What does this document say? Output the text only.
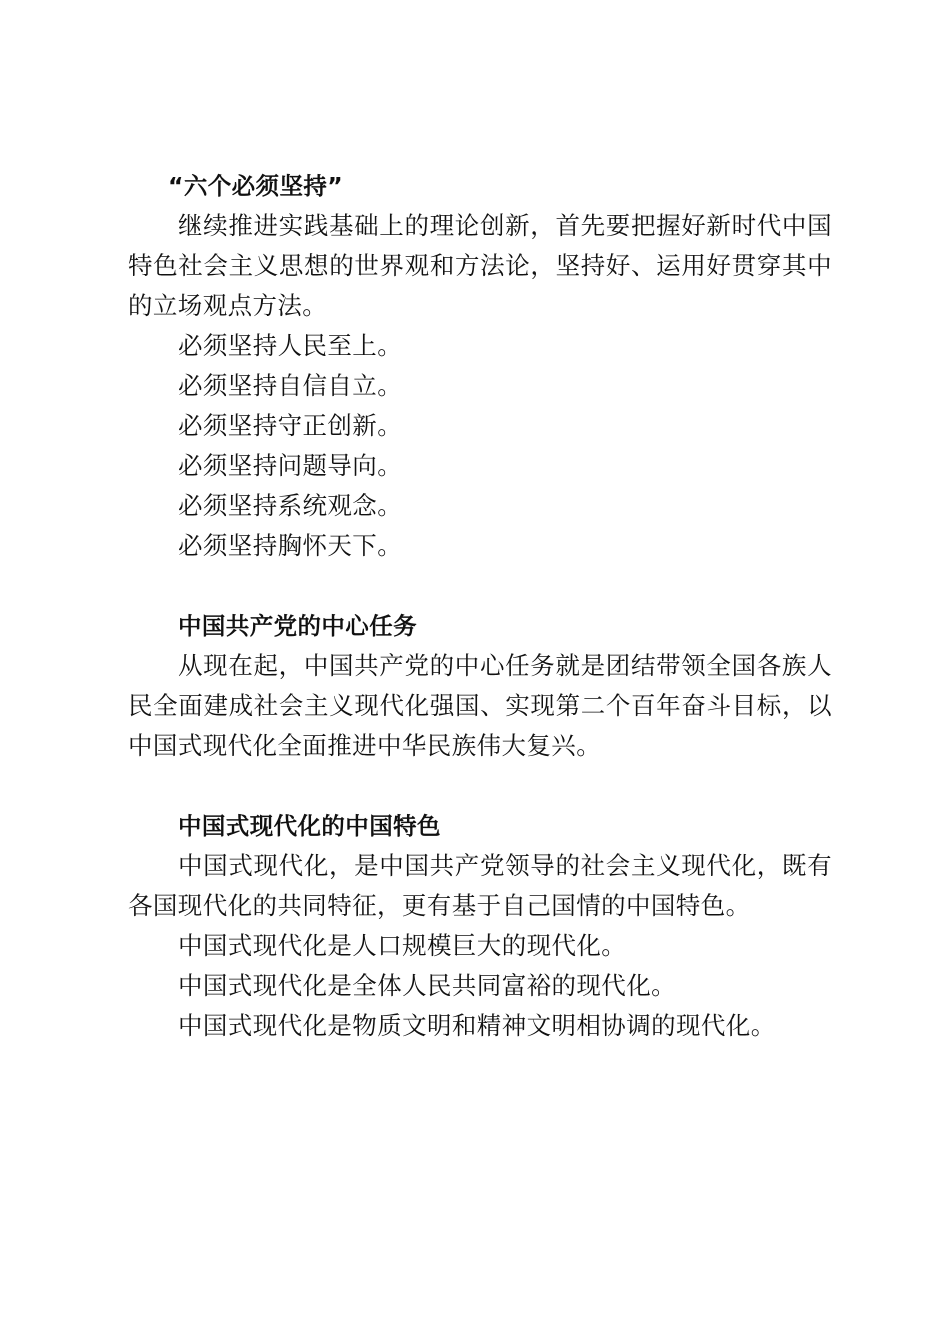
“六个必须坚持”

继续推进实践基础上的理论创新，首先要把握好新时代中国特色社会主义思想的世界观和方法论，坚持好、运用好贯穿其中的立场观点方法。

必须坚持人民至上。

必须坚持自信自立。

必须坚持守正创新。

必须坚持问题导向。

必须坚持系统观念。

必须坚持胸怀天下。

中国共产党的中心任务

从现在起，中国共产党的中心任务就是团结带领全国各族人民全面建成社会主义现代化强国、实现第二个百年奋斗目标，以中国式现代化全面推进中华民族伟大复兴。

中国式现代化的中国特色

中国式现代化，是中国共产党领导的社会主义现代化，既有各国现代化的共同特征，更有基于自己国情的中国特色。

中国式现代化是人口规模巨大的现代化。

中国式现代化是全体人民共同富裕的现代化。

中国式现代化是物质文明和精神文明相协调的现代化。
